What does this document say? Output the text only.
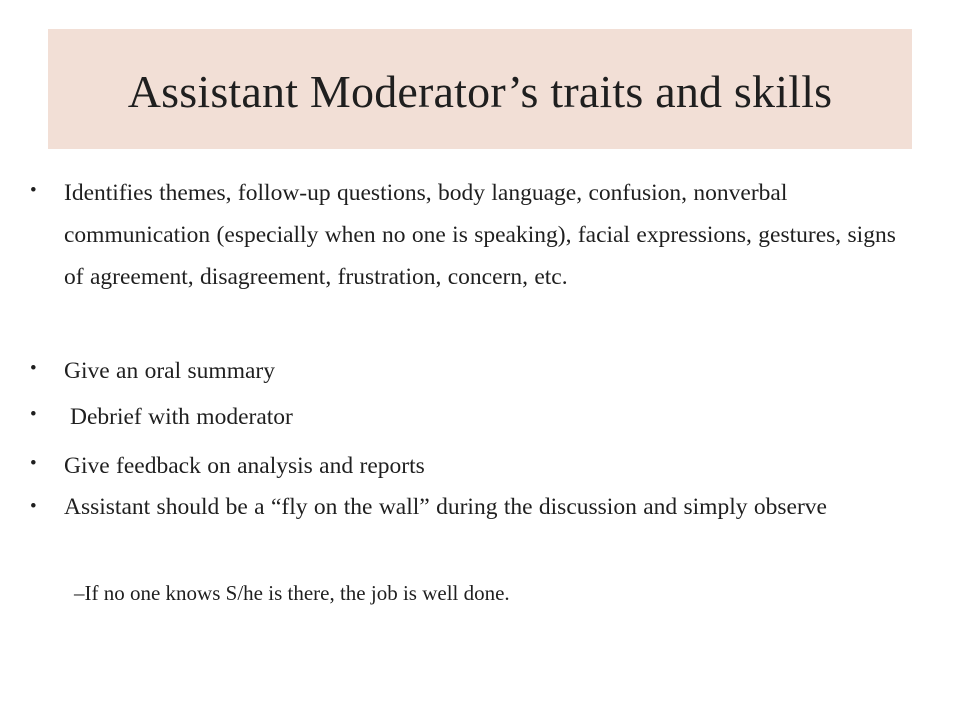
Assistant Moderator’s traits and skills
•	Identifies themes, follow-up questions, body language, confusion, nonverbal communication (especially when no one is speaking), facial expressions, gestures, signs of agreement, disagreement, frustration, concern, etc.
•	Give an oral summary
•	Debrief with moderator
•	Give feedback on analysis and reports
•	Assistant should be a “fly on the wall” during the discussion and simply observe
–If no one knows S/he is there, the job is well done.
